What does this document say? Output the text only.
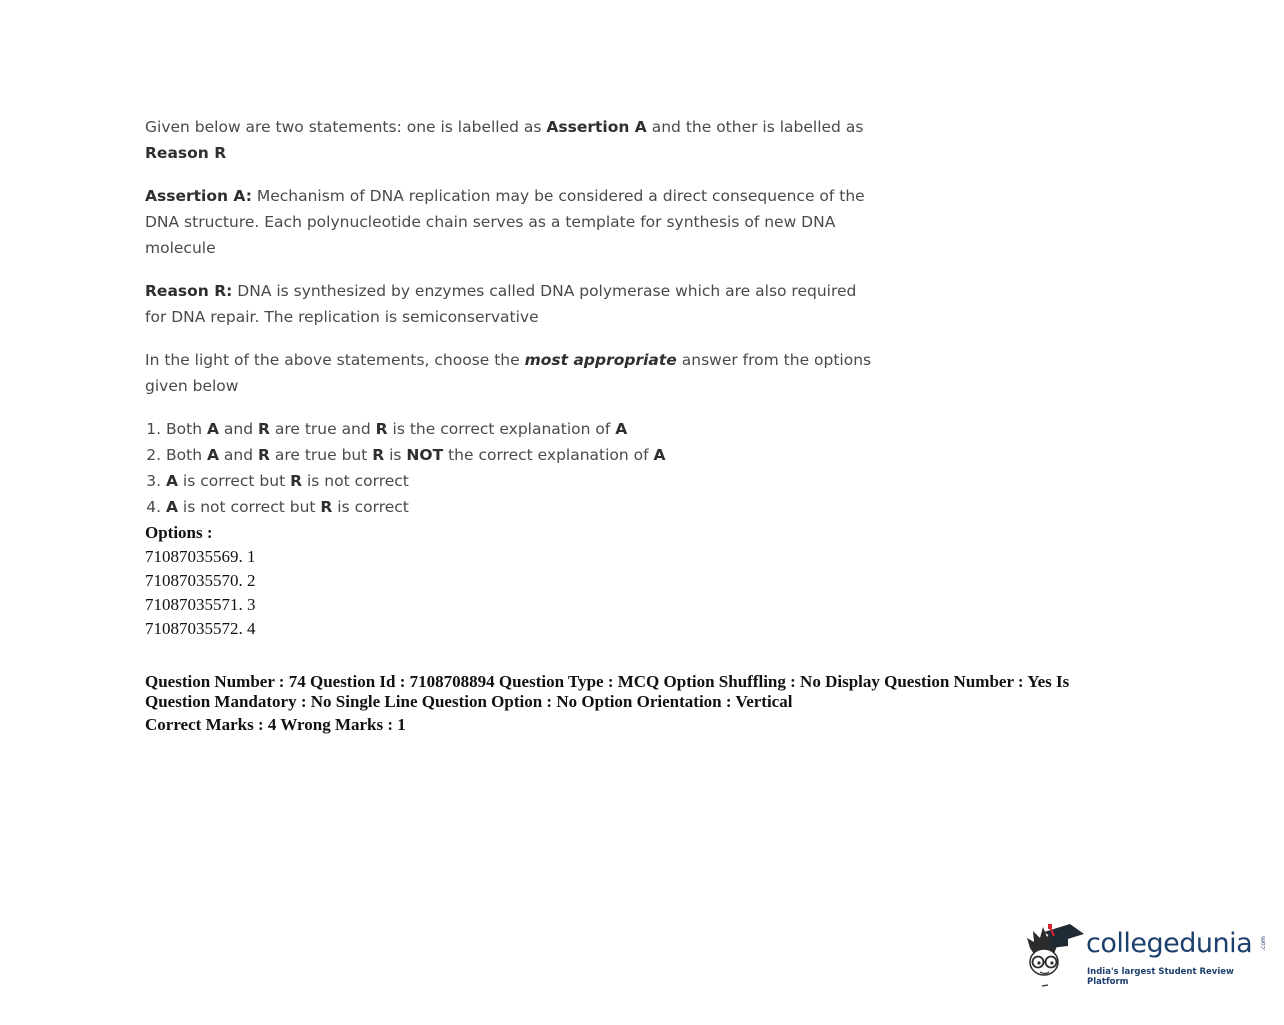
Given below are two statements: one is labelled as Assertion A and the other is labelled as
Reason R

Assertion A: Mechanism of DNA replication may be considered a direct consequence of the DNA structure. Each polynucleotide chain serves as a template for synthesis of new DNA molecule

Reason R: DNA is synthesized by enzymes called DNA polymerase which are also required for DNA repair. The replication is semiconservative

In the light of the above statements, choose the most appropriate answer from the options given below

1. Both A and R are true and R is the correct explanation of A
2. Both A and R are true but R is NOT the correct explanation of A
3. A is correct but R is not correct
4. A is not correct but R is correct
Options :
71087035569. 1
71087035570. 2
71087035571. 3
71087035572. 4
Question Number : 74 Question Id : 7108708894 Question Type : MCQ Option Shuffling : No Display Question Number : Yes Is
Question Mandatory : No Single Line Question Option : No Option Orientation : Vertical
Correct Marks : 4 Wrong Marks : 1
collegedunia .com
India's largest Student Review Platform
